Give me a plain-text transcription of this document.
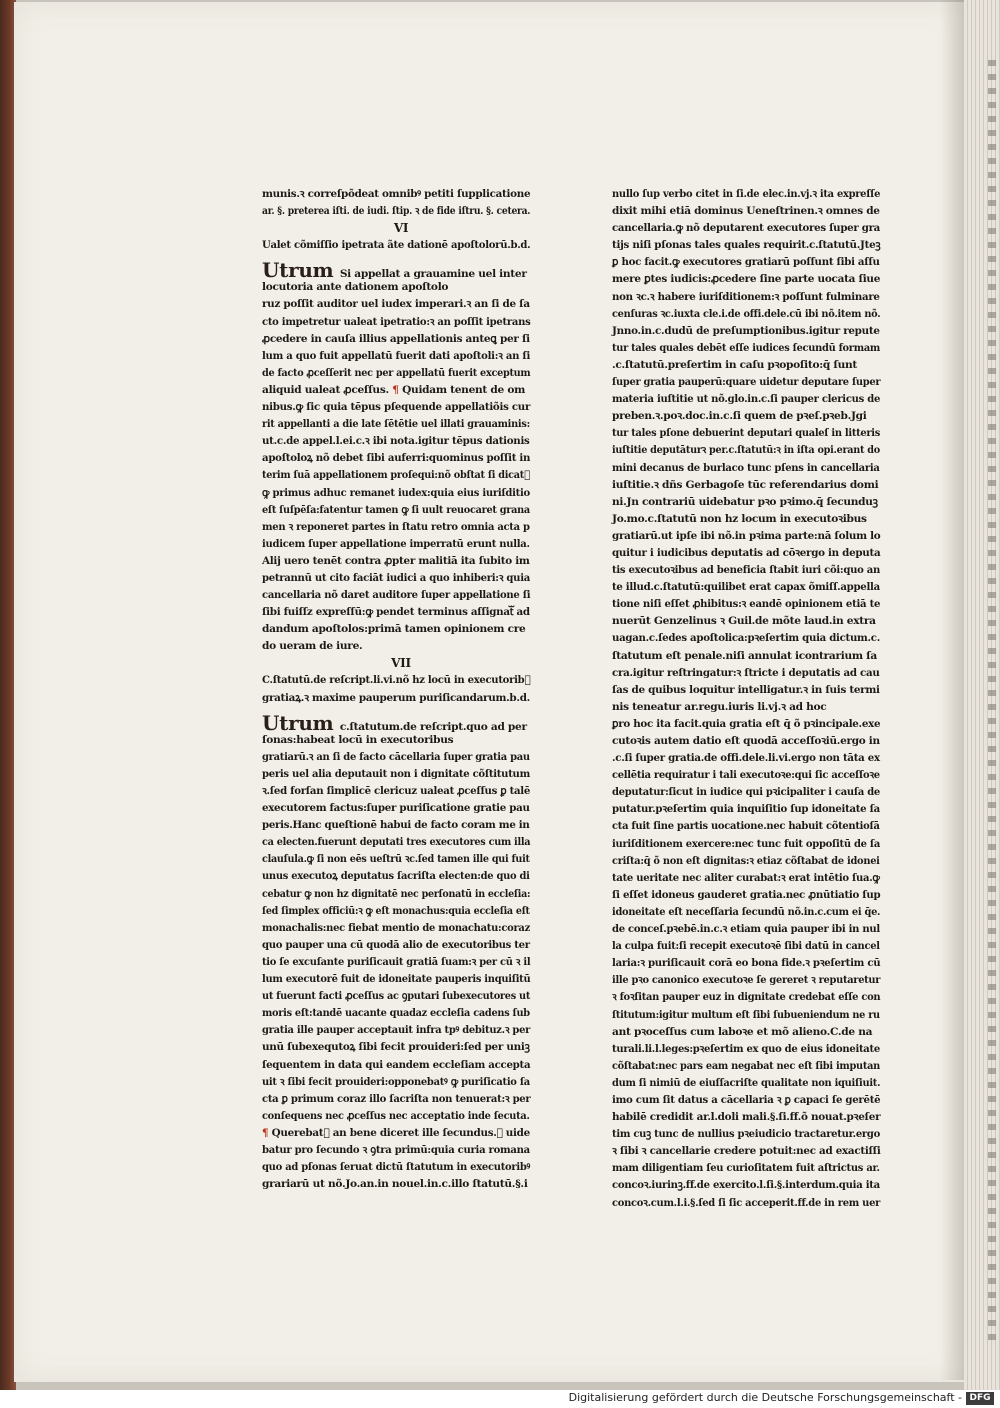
munis.ꝛ correſpõdeat omnibꝰ petiti ſupplicatione
ar. §. preterea iſti. de iudi. ſtip. ꝛ de fide iſtru. §. cetera.
VI
Ualet cõmiſſio ipetrata ãte dationē apoſtolorū.b.d.
Utrum Si appellat a grauamine uel inter
locutoria ante dationem apoſtolo
ruz poſſit auditor uel iudex imperari.ꝛ an ſi de ſa
cto impetretur ualeat ipetratio:ꝛ an poſſit ipetrans
ꝓcedere in cauſa illius appellationis anteꝗ per ſi
lum a quo fuit appellatū fuerit dati apoſtoli:ꝛ an ſi
de facto ꝓceſſerit nec per appellatū fuerit exceptum
aliquid ualeat ꝓceſſus. ¶ Quidam tenent de om
nibus.ꝙ ſic quia tēpus pſequende appellatiõis cur
rit appellanti a die late ſētētie uel illati grauaminis:
ut.c.de appel.l.ei.c.ꝛ ibi nota.igitur tēpus dationis
apoſtoloꝝ nõ debet ſibi auferri:quominus poſſit in
terim ſuā appellationem proſequi:nõ obſtat ſi dicatᷓ
ꝙ primus adhuc remanet iudex:quia eius iuriſditio
eſt ſuſpēſa:fatentur tamen ꝙ ſi uult reuocaret grana
men ꝛ reponeret partes in ſtatu retro omnia acta p
iudicem ſuper appellatione imperratū erunt nulla.
Alij uero tenēt contra ꝓpter malitiā ita ſubito im
petrannū ut cito faciāt iudici a quo inhiberi:ꝛ quia
cancellaria nõ daret auditore ſuper appellatione ſi
ſibi fuiſſz expreſſū:ꝙ pendet terminus aſſignatᷓ ad
dandum apoſtolos:primā tamen opinionem cre
do ueram de iure.
VII
C.ſtatutū.de reſcript.li.vi.nõ hz locū in executoribᷓ
gratiaꝝ.ꝛ maxime pauperum puriſicandarum.b.d.
Utrum c.ſtatutum.de reſcript.quo ad per
ſonas:habeat locū in executoribus
gratiarū.ꝛ an ſi de facto cācellaria ſuper gratia pau
peris uel alia deputauit non i dignitate cõſtitutum
ꝛ.ſed forſan ſimplicē clericuz ualeat ꝓceſſus ꝑ talē
executorem factus:ſuper puriſicatione gratie pau
peris.Hanc queſtionē habui de facto coram me in
ca electen.fuerunt deputati tres executores cum illa
clauſula.ꝙ ſi non eēs ueſtrū ꝛc.ſed tamen ille qui fuit
unus executoꝝ deputatus ſacriſta electen:de quo di
cebatur ꝙ non hz dignitatē nec perſonatū in eccleſia:
ſed ſimplex officiū:ꝛ ꝙ eſt monachus:quia eccleſia eſt
monachalis:nec fiebat mentio de monachatu:coraz
quo pauper una cū quodā alio de executoribus ter
tio ſe excuſante puriſicauit gratiā ſuam:ꝛ per cū ꝛ il
lum executorē fuit de idoneitate pauperis inquiſitū
ut fuerunt facti ꝓceſſus ac ꝯputari ſubexecutores ut
moris eſt:tandē uacante quadaz eccleſia cadens ſub
gratia ille pauper acceptauit infra tpꝰ debituz.ꝛ per
unū ſubexequtoꝝ ſibi fecit prouideri:ſed per uniꝫ
ſequentem in data qui eandem eccleſiam accepta
uit ꝛ ſibi fecit prouideri:opponebatꝰ ꝙ puriſicatio ſa
cta ꝑ primum coraz illo ſacriſta non tenuerat:ꝛ per
conſequens nec ꝓceſſus nec acceptatio inde ſecuta.
¶ Querebatᷓ an bene diceret ille ſecundus.ꝛ uide
batur pro ſecundo ꝛ ꝯtra primū:quia curia romana
quo ad pſonas ſeruat dictū ſtatutum in executoribꝰ
grariarū ut nõ.Jo.an.in nouel.in.c.illo ſtatutū.§.i
nullo ſup verbo citet in ſi.de elec.in.vj.ꝛ ita expreſſe
dixit mihi etiā dominus Ueneſtrinen.ꝛ omnes de
cancellaria.ꝙ nõ deputarent executores ſuper gra
tijs niſi pſonas tales quales requirit.c.ſtatutū.Jteꝫ
ꝑ hoc facit.ꝙ executores gratiarū poſſunt ſibi aſſu
mere ꝑtes iudicis:ꝓcedere ſine parte uocata ſiue
non ꝛc.ꝛ habere iuriſditionem:ꝛ poſſunt fulminare
cenſuras ꝛc.iuxta cle.i.de offi.dele.cū ibi nõ.item nõ.
Jnno.in.c.dudū de preſumptionibus.igitur repute
tur tales quales debēt eſſe iudices ſecundū formam
.c.ſtatutū.preſertim in caſu pꝛopoſito:q̄ ſunt
ſuper gratia pauperū:quare uidetur deputare ſuper
materia iuſtitie ut nõ.glo.in.c.ſi pauper clericus de
preben.ꝛ.poꝛ.doc.in.c.ſi quem de pꝛeſ.pꝛeb.Jgi
tur tales pſone debuerint deputari qualeſ in litteris
iuſtitie deputāturꝛ per.c.ſtatutū:ꝛ in iſta opi.erant do
mini decanus de burlaco tunc pſens in cancellaria
iuſtitie.ꝛ dñs Gerbagoſe tūc referendarius domi
ni.Jn contrariū uidebatur pꝛo pꝛimo.q̄ ſecunduꝫ
Jo.mo.c.ſtatutū non hz locum in executoꝛibus
gratiarū.ut ipſe ibi nõ.in pꝛima parte:nā ſolum lo
quitur i iudicibus deputatis ad cōꝛergo in deputa
tis executoꝛibus ad beneficia ſtabit iuri cõi:quo an
te illud.c.ſtatutū:quilibet erat capax õmiſſ.appella
tione niſi eſſet ꝓhibitus:ꝛ eandē opinionem etiā te
nuerūt Genzelinus ꝛ Guil.de mõte laud.in extra
uagan.c.ſedes apoſtolica:pꝛeſertim quia dictum.c.
ſtatutum eſt penale.niſi annulat icontrarium ſa
cra.igitur reſtringatur:ꝛ ſtricte i deputatis ad cau
ſas de quibus loquitur intelligatur.ꝛ in ſuis termi
nis teneatur ar.regu.iuris li.vj.ꝛ ad hoc
ꝑro hoc ita facit.quia gratia eſt q̄ õ pꝛincipale.exe
cutoꝛis autem datio eſt quodā acceſſoꝛiū.ergo in
.c.ſi ſuper gratia.de offi.dele.li.vi.ergo non tāta ex
cellētia requiratur i tali executoꝛe:qui ſic acceſſoꝛe
deputatur:ſicut in iudice qui pꝛicipaliter i cauſa de
putatur.pꝛeſertim quia inquiſitio ſup idoneitate ſa
cta fuit ſine partis uocatione.nec habuit cõtentioſā
iuriſditionem exercere:nec tunc fuit oppoſitū de ſa
criſta:q̄ õ non eſt dignitas:ꝛ etiaz cõſtabat de idonei
tate ueritate nec aliter curabat:ꝛ erat intētio ſua.ꝙ
ſi eſſet idoneus gauderet gratia.nec ꝓnūtiatio ſup
idoneitate eſt neceſſaria ſecundū nõ.in.c.cum ei q̄e.
de conceſ.pꝛebē.in.c.ꝛ etiam quia pauper ibi in nul
la culpa fuit:ſi recepit executoꝛē ſibi datū in cancel
laria:ꝛ puriſicauit corā eo bona fide.ꝛ pꝛeſertim cū
ille pꝛo canonico executoꝛe ſe gereret ꝛ reputaretur
ꝛ foꝛſitan pauper euz in dignitate credebat eſſe con
ſtitutum:igitur multum eſt ſibi ſubueniendum ne ru
ant pꝛoceſſus cum laboꝛe et mõ alieno.C.de na
turali.li.l.leges:pꝛeſertim ex quo de eius idoneitate
cõſtabat:nec pars eam negabat nec eſt ſibi imputan
dum ſi nimiū de eiuſſacriſte qualitate non iquiſiuit.
imo cum ſit datus a cācellaria ꝛ ꝑ capaci ſe gerētē
habilē credidit ar.l.doli mali.§.ſi.ff.õ nouat.pꝛeſer
tim cuꝫ tunc de nullius pꝛeiudicio tractaretur.ergo
ꝛ ſibi ꝛ cancellarie credere potuit:nec ad exactiſſi
mam diligentiam ſeu curioſitatem fuit aſtrictus ar.
concoꝛ.iurinꝫ.ff.de exercito.l.ſi.§.interdum.quia ita
concoꝛ.cum.l.i.§.ſed ſi ſic acceperit.ff.de in rem uer
Digitalisierung gefördert durch die Deutsche Forschungsgemeinschaft - DFG
